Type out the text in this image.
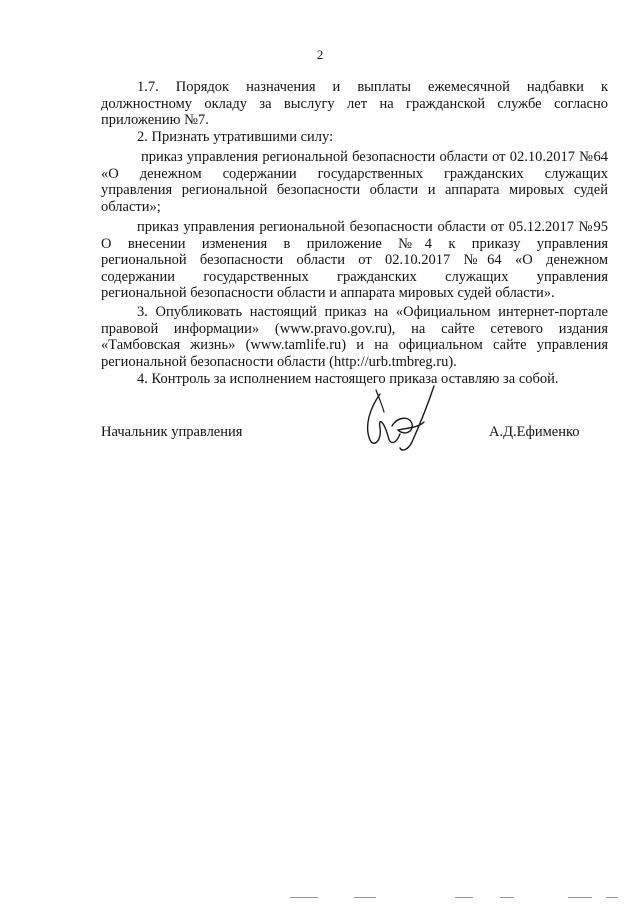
2
1.7. Порядок назначения и выплаты ежемесячной надбавки к
должностному окладу за выслугу лет на гражданской службе согласно
приложению №7.
2. Признать утратившими силу:
приказ управления региональной безопасности области от 02.10.2017 №64
«О денежном содержании государственных гражданских служащих
управления региональной безопасности области и аппарата мировых судей
области»;
приказ управления региональной безопасности области от 05.12.2017 №95
О внесении изменения в приложение №4 к приказу управления
региональной безопасности области от 02.10.2017 №64 «О денежном
содержании государственных гражданских служащих управления
региональной безопасности области и аппарата мировых судей области».
3. Опубликовать настоящий приказ на «Официальном интернет-портале
правовой информации» (www.pravo.gov.ru), на сайте сетевого издания
«Тамбовская жизнь» (www.tamlife.ru) и на официальном сайте управления
региональной безопасности области (http://urb.tmbreg.ru).
4. Контроль за исполнением настоящего приказа оставляю за собой.
Начальник управления	А.Д.Ефименко
